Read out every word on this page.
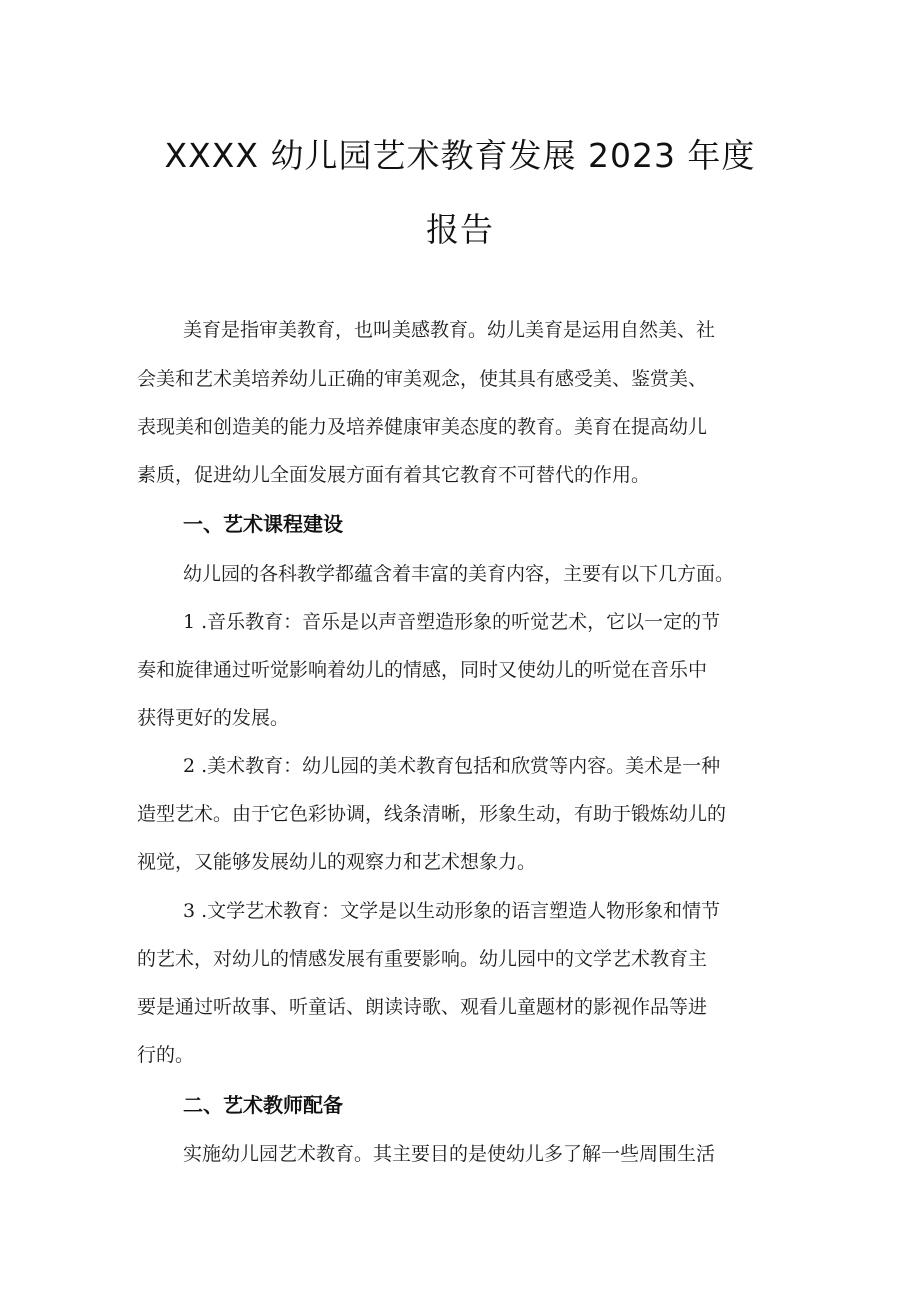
XXXX 幼儿园艺术教育发展 2023 年度
报告

美育是指审美教育，也叫美感教育。幼儿美育是运用自然美、社

会美和艺术美培养幼儿正确的审美观念，使其具有感受美、鉴赏美、

表现美和创造美的能力及培养健康审美态度的教育。美育在提高幼儿

素质，促进幼儿全面发展方面有着其它教育不可替代的作用。

一、艺术课程建设

幼儿园的各科教学都蕴含着丰富的美育内容，主要有以下几方面。

1 .音乐教育：音乐是以声音塑造形象的听觉艺术，它以一定的节

奏和旋律通过听觉影响着幼儿的情感，同时又使幼儿的听觉在音乐中

获得更好的发展。

2 .美术教育：幼儿园的美术教育包括和欣赏等内容。美术是一种

造型艺术。由于它色彩协调，线条清晰，形象生动，有助于锻炼幼儿的

视觉，又能够发展幼儿的观察力和艺术想象力。

3 .文学艺术教育：文学是以生动形象的语言塑造人物形象和情节

的艺术，对幼儿的情感发展有重要影响。幼儿园中的文学艺术教育主

要是通过听故事、听童话、朗读诗歌、观看儿童题材的影视作品等进

行的。

二、艺术教师配备

实施幼儿园艺术教育。其主要目的是使幼儿多了解一些周围生活
